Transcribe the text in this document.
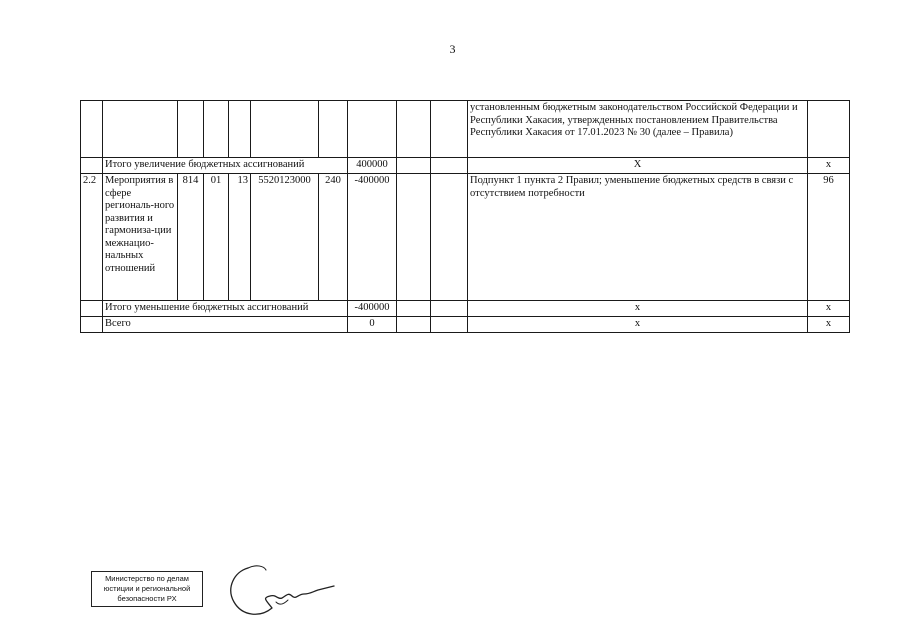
3
										установленным бюджетным законодательством Российской Федерации и Республики Хакасия, утвержденных постановлением Правительства Республики Хакасия от 17.01.2023 № 30 (далее – Правила)	
	Итого увеличение бюджетных ассигнований						400000			X	x
2.2	Мероприятия в сфере региональ-ного развития и гармониза-ции межнацио-нальных отношений	814	01	13	5520123000	240	-400000			Подпункт 1 пункта 2 Правил; уменьшение бюджетных средств в связи с отсутствием потребности	96
	Итого уменьшение бюджетных ассигнований						-400000			x	x
	Всего						0			x	x
Министерство по делам
юстиции и региональной
безопасности РХ
